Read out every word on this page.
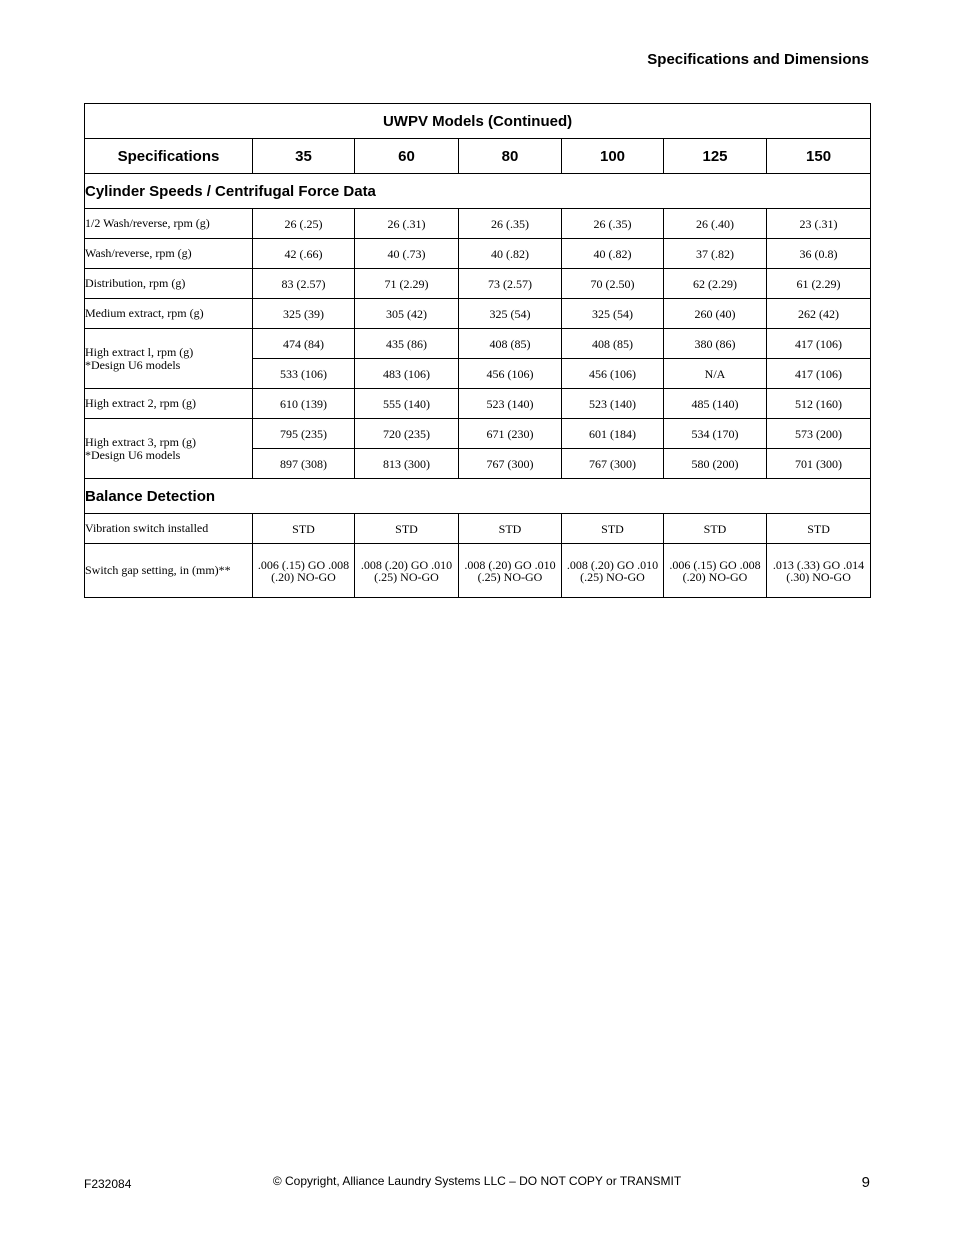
Specifications and Dimensions
UWPV Models (Continued)						
Specifications	35	60	80	100	125	150
Cylinder Speeds / Centrifugal Force Data						

1/2 Wash/reverse, rpm (g)	26 (.25)	26 (.31)	26 (.35)	26 (.35)	26 (.40)	23 (.31)

Wash/reverse, rpm (g)	42 (.66)	40 (.73)	40 (.82)	40 (.82)	37 (.82)	36 (0.8)

Distribution, rpm (g)	83 (2.57)	71 (2.29)	73 (2.57)	70 (2.50)	62 (2.29)	61 (2.29)

Medium extract, rpm (g)	325 (39)	305 (42)	325 (54)	325 (54)	260 (40)	262 (42)

High extract l, rpm (g)
*Design U6 models	474 (84)	435 (86)	408 (85)	408 (85)	380 (86)	417 (106)

	533 (106)	483 (106)	456 (106)	456 (106)	N/A	417 (106)

High extract 2, rpm (g)	610 (139)	555 (140)	523 (140)	523 (140)	485 (140)	512 (160)

High extract 3, rpm (g)
*Design U6 models	795 (235)	720 (235)	671 (230)	601 (184)	534 (170)	573 (200)

	897 (308)	813 (300)	767 (300)	767 (300)	580 (200)	701 (300)
Balance Detection						

Vibration switch installed	STD	STD	STD	STD	STD	STD

Switch gap setting, in (mm)**	.006 (.15) GO .008 (.20) NO-GO	.008 (.20) GO .010 (.25) NO-GO	.008 (.20) GO .010 (.25) NO-GO	.008 (.20) GO .010 (.25) NO-GO	.006 (.15) GO .008 (.20) NO-GO	.013 (.33) GO .014 (.30) NO-GO
F232084	© Copyright, Alliance Laundry Systems LLC – DO NOT COPY or TRANSMIT	9
